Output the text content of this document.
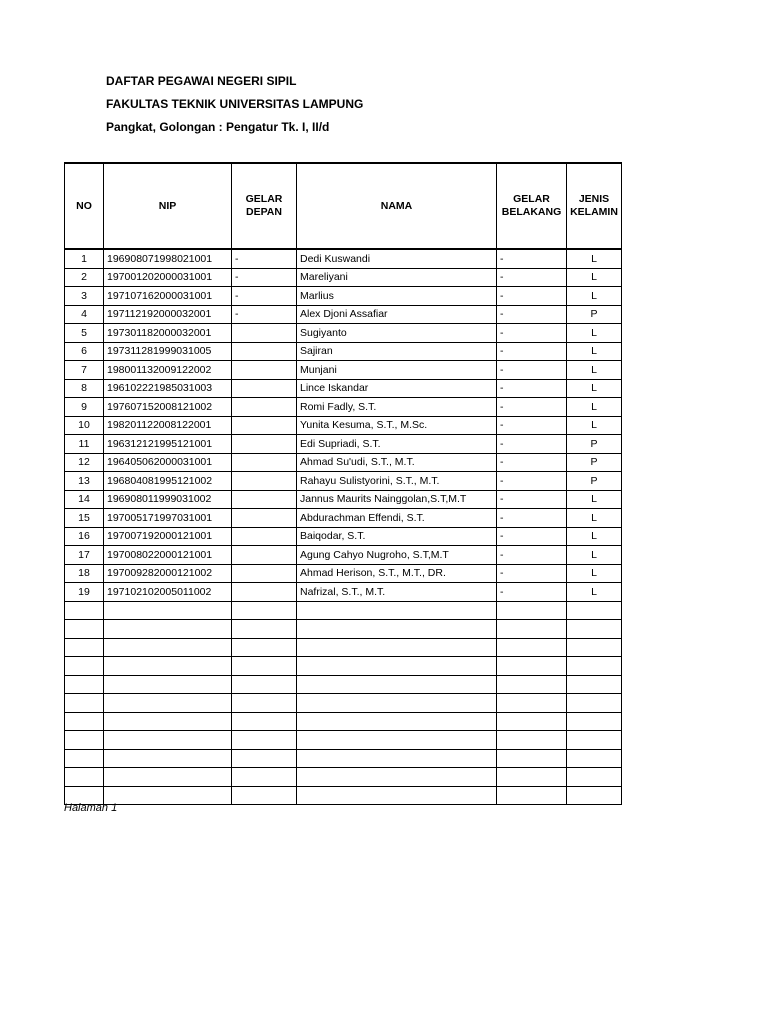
DAFTAR PEGAWAI NEGERI SIPIL
FAKULTAS TEKNIK UNIVERSITAS LAMPUNG
Pangkat, Golongan : Pengatur Tk. I, II/d
NO	NIP	GELAR DEPAN	NAMA	GELAR BELAKANG	JENIS KELAMIN
1	196908071998021001	-	Dedi Kuswandi	-	L
2	197001202000031001	-	Mareliyani	-	L
3	197107162000031001	-	Marlius	-	L
4	197112192000032001	-	Alex Djoni Assafiar	-	P
5	197301182000032001		Sugiyanto	-	L
6	197311281999031005		Sajiran	-	L
7	198001132009122002		Munjani	-	L
8	196102221985031003		Lince Iskandar	-	L
9	197607152008121002		Romi Fadly, S.T.	-	L
10	198201122008122001		Yunita Kesuma, S.T., M.Sc.	-	L
11	196312121995121001		Edi Supriadi, S.T.	-	P
12	196405062000031001		Ahmad Su'udi, S.T., M.T.	-	P
13	196804081995121002		Rahayu Sulistyorini, S.T., M.T.	-	P
14	196908011999031002		Jannus Maurits Nainggolan,S.T,M.T	-	L
15	197005171997031001		Abdurachman Effendi, S.T.	-	L
16	197007192000121001		Baiqodar, S.T.	-	L
17	197008022000121001		Agung Cahyo Nugroho, S.T,M.T	-	L
18	197009282000121002		Ahmad Herison, S.T., M.T., DR.	-	L
19	197102102005011002		Nafrizal, S.T., M.T.	-	L

Halaman 1
